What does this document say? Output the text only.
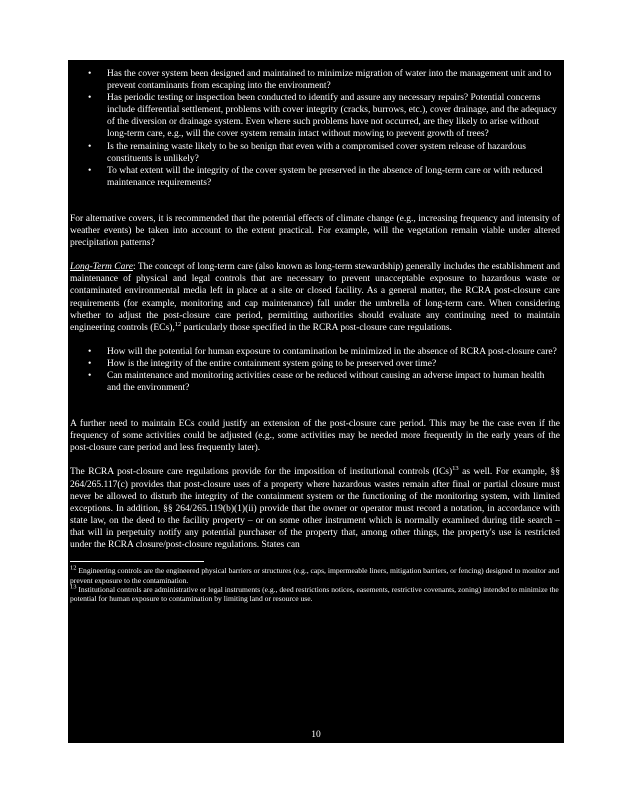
• Has the cover system been designed and maintained to minimize migration of water into the management unit and to prevent contaminants from escaping into the environment?
• Has periodic testing or inspection been conducted to identify and assure any necessary repairs? Potential concerns include differential settlement, problems with cover integrity (cracks, burrows, etc.), cover drainage, and the adequacy of the diversion or drainage system. Even where such problems have not occurred, are they likely to arise without long-term care, e.g., will the cover system remain intact without mowing to prevent growth of trees?
• Is the remaining waste likely to be so benign that even with a compromised cover system release of hazardous constituents is unlikely?
• To what extent will the integrity of the cover system be preserved in the absence of long-term care or with reduced maintenance requirements?

For alternative covers, it is recommended that the potential effects of climate change (e.g., increasing frequency and intensity of weather events) be taken into account to the extent practical. For example, will the vegetation remain viable under altered precipitation patterns?

Long-Term Care: The concept of long-term care (also known as long-term stewardship) generally includes the establishment and maintenance of physical and legal controls that are necessary to prevent unacceptable exposure to hazardous waste or contaminated environmental media left in place at a site or closed facility. As a general matter, the RCRA post-closure care requirements (for example, monitoring and cap maintenance) fall under the umbrella of long-term care. When considering whether to adjust the post-closure care period, permitting authorities should evaluate any continuing need to maintain engineering controls (ECs),$^{12}$ particularly those specified in the RCRA post-closure care regulations.

• How will the potential for human exposure to contamination be minimized in the absence of RCRA post-closure care?
• How is the integrity of the entire containment system going to be preserved over time?
• Can maintenance and monitoring activities cease or be reduced without causing an adverse impact to human health and the environment?

A further need to maintain ECs could justify an extension of the post-closure care period. This may be the case even if the frequency of some activities could be adjusted (e.g., some activities may be needed more frequently in the early years of the post-closure care period and less frequently later).

The RCRA post-closure care regulations provide for the imposition of institutional controls (ICs)$^{13}$ as well. For example, §§ 264/265.117(c) provides that post-closure uses of a property where hazardous wastes remain after final or partial closure must never be allowed to disturb the integrity of the containment system or the functioning of the monitoring system, with limited exceptions. In addition, §§ 264/265.119(b)(1)(ii) provide that the owner or operator must record a notation, in accordance with state law, on the deed to the facility property – or on some other instrument which is normally examined during title search – that will in perpetuity notify any potential purchaser of the property that, among other things, the property's use is restricted under the RCRA closure/post-closure regulations. States can

$^{12}$ Engineering controls are the engineered physical barriers or structures (e.g., caps, impermeable liners, mitigation barriers, or fencing) designed to monitor and prevent exposure to the contamination.
$^{13}$ Institutional controls are administrative or legal instruments (e.g., deed restrictions notices, easements, restrictive covenants, zoning) intended to minimize the potential for human exposure to contamination by limiting land or resource use.
10
